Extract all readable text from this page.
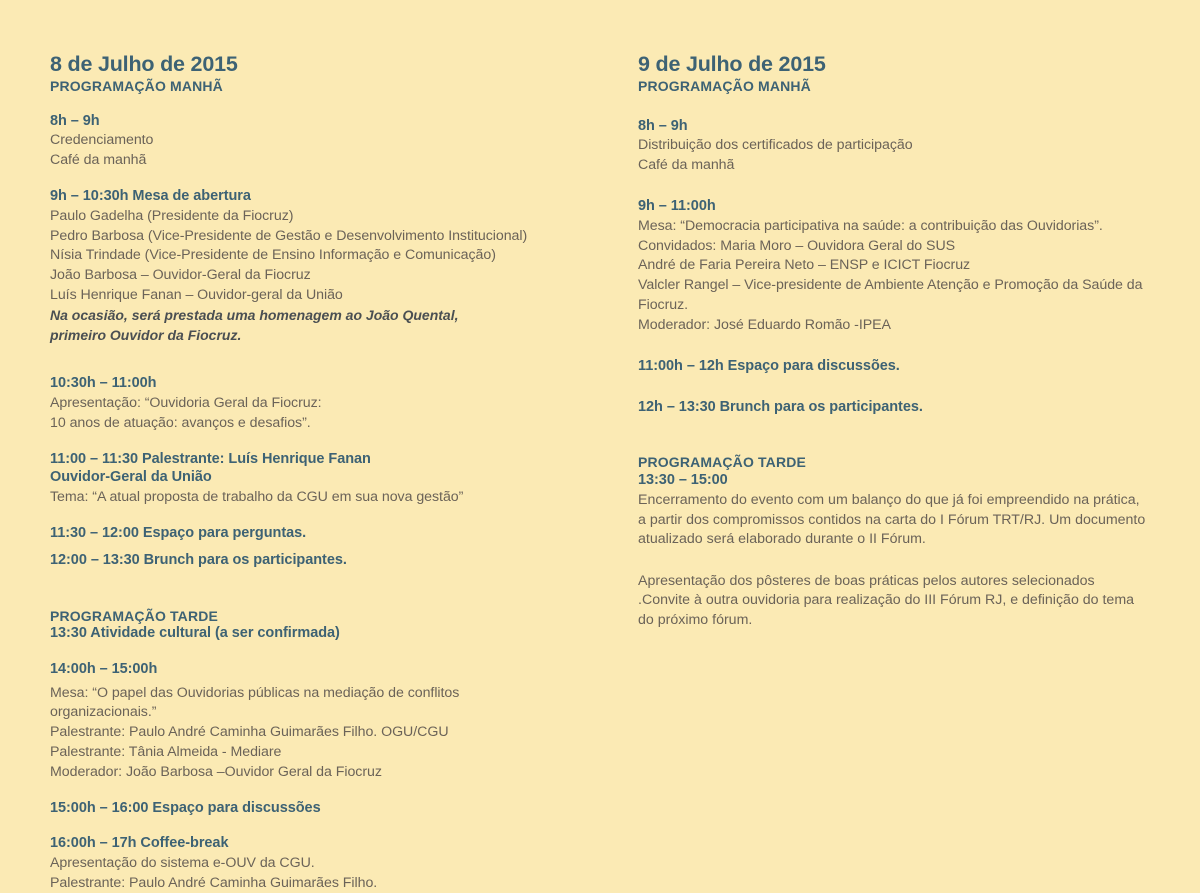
8 de Julho de 2015
PROGRAMAÇÃO MANHÃ

8h – 9h

Credenciamento

Café da manhã

9h – 10:30h Mesa de abertura

Paulo Gadelha (Presidente da Fiocruz)

Pedro Barbosa (Vice-Presidente de Gestão e Desenvolvimento Institucional)

Nísia Trindade (Vice-Presidente de Ensino Informação e Comunicação)

João Barbosa – Ouvidor-Geral da Fiocruz

Luís Henrique Fanan – Ouvidor-geral da União

Na ocasião, será prestada uma homenagem ao João Quental,

primeiro Ouvidor da Fiocruz.

10:30h – 11:00h

Apresentação: “Ouvidoria Geral da Fiocruz:

10 anos de atuação: avanços e desafios”.

11:00 – 11:30 Palestrante: Luís Henrique Fanan

Ouvidor-Geral da União

Tema: “A atual proposta de trabalho da CGU em sua nova gestão”

11:30 – 12:00 Espaço para perguntas.

12:00 – 13:30 Brunch para os participantes.

PROGRAMAÇÃO TARDE

13:30 Atividade cultural (a ser confirmada)

14:00h – 15:00h

Mesa: “O papel das Ouvidorias públicas na mediação de conflitos

organizacionais.”

Palestrante: Paulo André Caminha Guimarães Filho. OGU/CGU

Palestrante: Tânia Almeida - Mediare

Moderador: João Barbosa –Ouvidor Geral da Fiocruz

15:00h – 16:00 Espaço para discussões

16:00h – 17h Coffee-break

Apresentação do sistema e-OUV da CGU.

Palestrante: Paulo André Caminha Guimarães Filho.

9 de Julho de 2015
PROGRAMAÇÃO MANHÃ

8h – 9h

Distribuição dos certificados de participação

Café da manhã

9h – 11:00h

Mesa: “Democracia participativa na saúde: a contribuição das Ouvidorias”.

Convidados: Maria Moro – Ouvidora Geral do SUS

André de Faria Pereira Neto – ENSP e ICICT Fiocruz

Valcler Rangel – Vice-presidente de Ambiente Atenção e Promoção da Saúde da

Fiocruz.

Moderador: José Eduardo Romão -IPEA

11:00h – 12h Espaço para discussões.

12h – 13:30 Brunch para os participantes.

PROGRAMAÇÃO TARDE

13:30 – 15:00

Encerramento do evento com um balanço do que já foi empreendido na prática, a partir dos compromissos contidos na carta do I Fórum TRT/RJ. Um documento atualizado será elaborado durante o II Fórum.

Apresentação dos pôsteres de boas práticas pelos autores selecionados .Convite à outra ouvidoria para realização do III Fórum RJ, e definição do tema do próximo fórum.
